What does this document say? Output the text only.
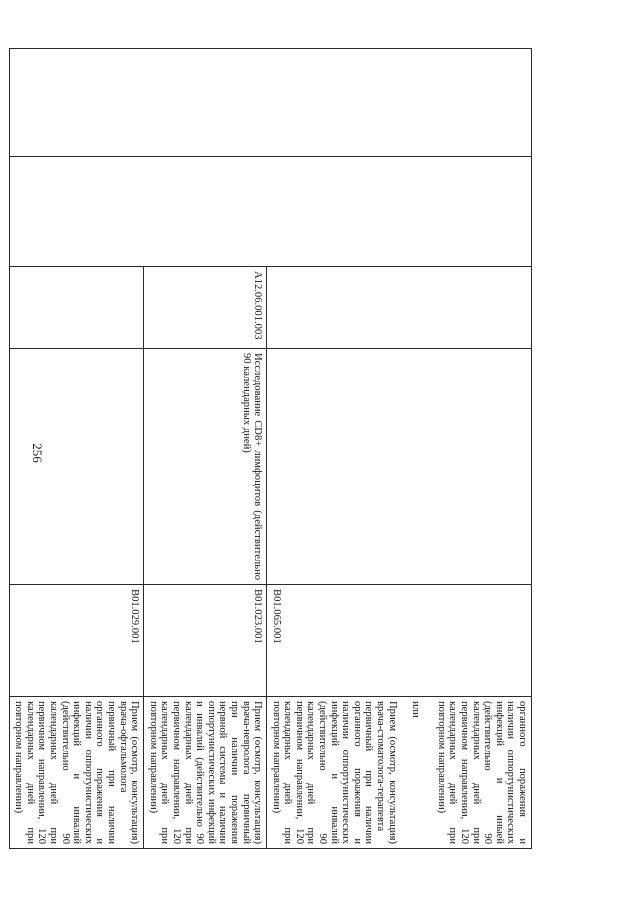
256
				B01.065.001	органного поражения и наличии оппортунистических инфекций и иныей (действительно 90 календарных дней при первичном направлении, 120 календарных дней при повторном направлении)
или
Прием (осмотр, консультация) врача-стоматолога-терапевта первичный при наличии органного поражения и наличии оппортунистических инфекций и инвалий (действительно 90 календарных дней при первичном направлении, 120 календарных дней при повторном направлении)

		A12.06.001.003	Исследование CD8+ лимфоцитов (действительно 90 календарных дней)	B01.023.001	Прием (осмотр, консультация) врача-невролога первичный при наличии поражения нервной системы и наличии оппортунистических инфекций и инвалий (действительно 90 календарных дней при первичном направлении, 120 календарных дней при повторном направлении)
				B01.029.001	Прием (осмотр, консультация) врача-офтальмолога первичный при наличии органного поражения и наличии оппортунистических инфекций и инвалий (действительно 90 календарных дней при первичном направлении, 120 календарных дней при повторном направлении)
